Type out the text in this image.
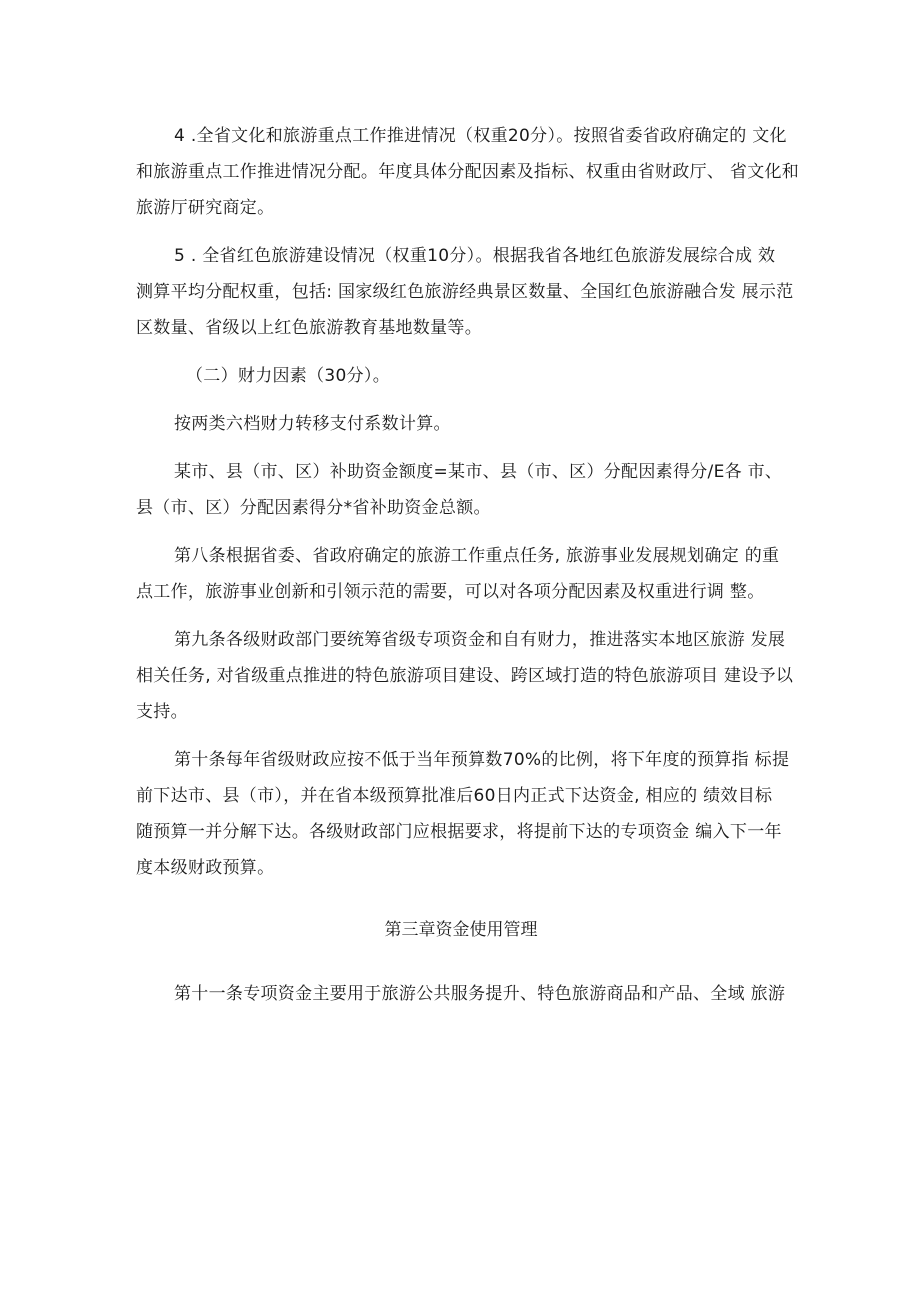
4 .全省文化和旅游重点工作推进情况（权重20分）。按照省委省政府确定的 文化
和旅游重点工作推进情况分配。年度具体分配因素及指标、权重由省财政厅、 省文化和
旅游厅研究商定。

5 . 全省红色旅游建设情况（权重10分）。根据我省各地红色旅游发展综合成 效
测算平均分配权重，包括: 国家级红色旅游经典景区数量、全国红色旅游融合发 展示范
区数量、省级以上红色旅游教育基地数量等。

（二）财力因素（30分）。

按两类六档财力转移支付系数计算。

某市、县（市、区）补助资金额度=某市、县（市、区）分配因素得分/E各 市、
县（市、区）分配因素得分*省补助资金总额。

第八条根据省委、省政府确定的旅游工作重点任务, 旅游事业发展规划确定 的重
点工作，旅游事业创新和引领示范的需要，可以对各项分配因素及权重进行调 整。

第九条各级财政部门要统筹省级专项资金和自有财力，推进落实本地区旅游 发展
相关任务, 对省级重点推进的特色旅游项目建设、跨区域打造的特色旅游项目 建设予以
支持。

第十条每年省级财政应按不低于当年预算数70%的比例，将下年度的预算指 标提
前下达市、县（市），并在省本级预算批准后60日内正式下达资金, 相应的 绩效目标
随预算一并分解下达。各级财政部门应根据要求，将提前下达的专项资金 编入下一年
度本级财政预算。

第三章资金使用管理

第十一条专项资金主要用于旅游公共服务提升、特色旅游商品和产品、全域 旅游
